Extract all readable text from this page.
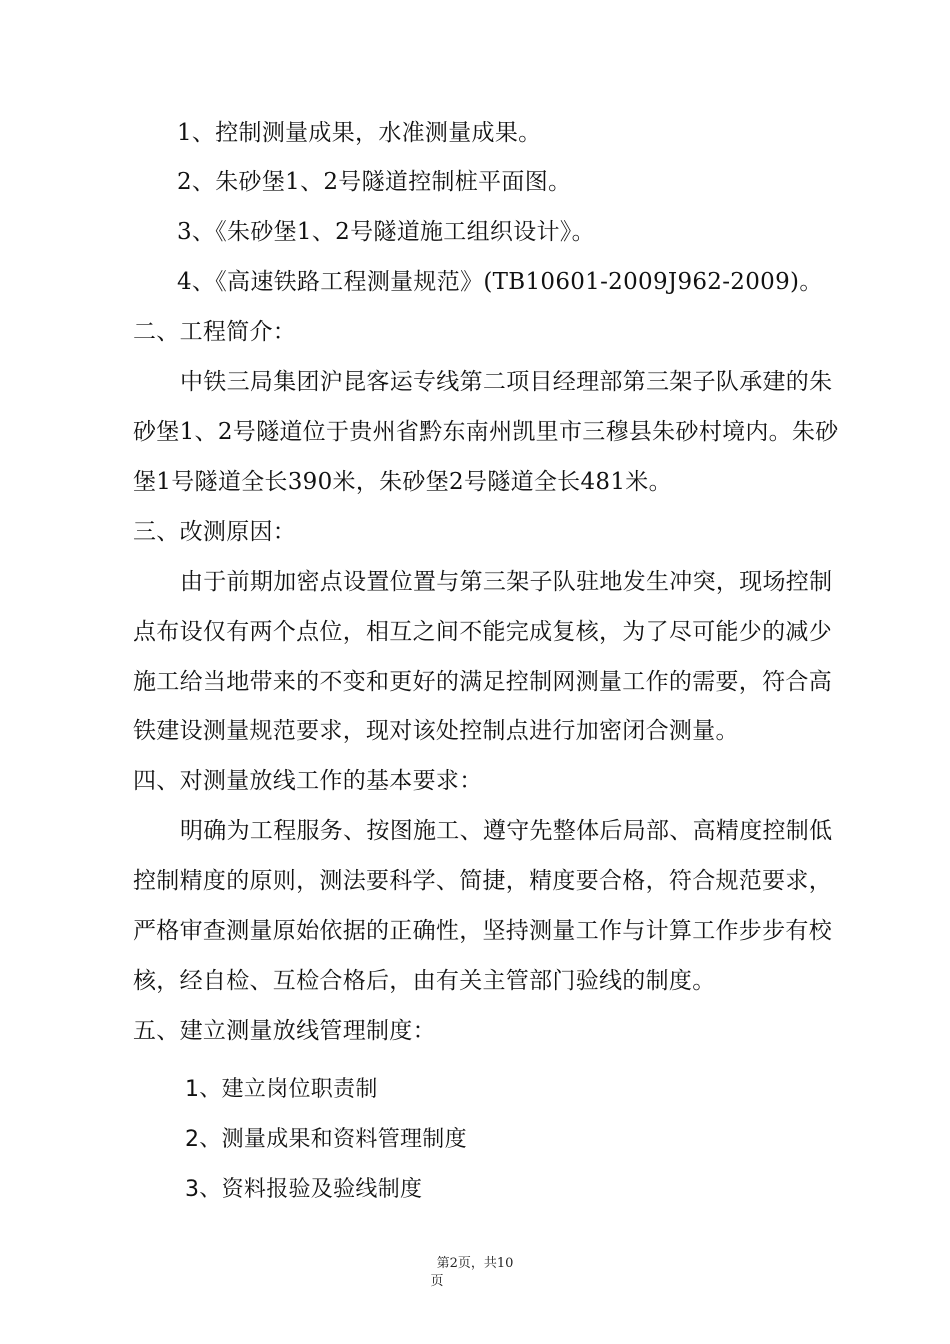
1、控制测量成果，水准测量成果。
2、朱砂堡1、2号隧道控制桩平面图。
3、《朱砂堡1、2号隧道施工组织设计》。
4、《高速铁路工程测量规范》(TB10601-2009J962-2009)。
二、工程简介：
中铁三局集团沪昆客运专线第二项目经理部第三架子队承建的朱
砂堡1、2号隧道位于贵州省黔东南州凯里市三穆县朱砂村境内。朱砂
堡1号隧道全长390米，朱砂堡2号隧道全长481米。
三、改测原因：
由于前期加密点设置位置与第三架子队驻地发生冲突，现场控制
点布设仅有两个点位，相互之间不能完成复核，为了尽可能少的减少
施工给当地带来的不变和更好的满足控制网测量工作的需要，符合高
铁建设测量规范要求，现对该处控制点进行加密闭合测量。
四、对测量放线工作的基本要求：
明确为工程服务、按图施工、遵守先整体后局部、高精度控制低
控制精度的原则，测法要科学、简捷，精度要合格，符合规范要求，
严格审查测量原始依据的正确性，坚持测量工作与计算工作步步有校
核，经自检、互检合格后，由有关主管部门验线的制度。
五、建立测量放线管理制度：
1、建立岗位职责制
2、测量成果和资料管理制度
3、资料报验及验线制度
第2页，共10
页
